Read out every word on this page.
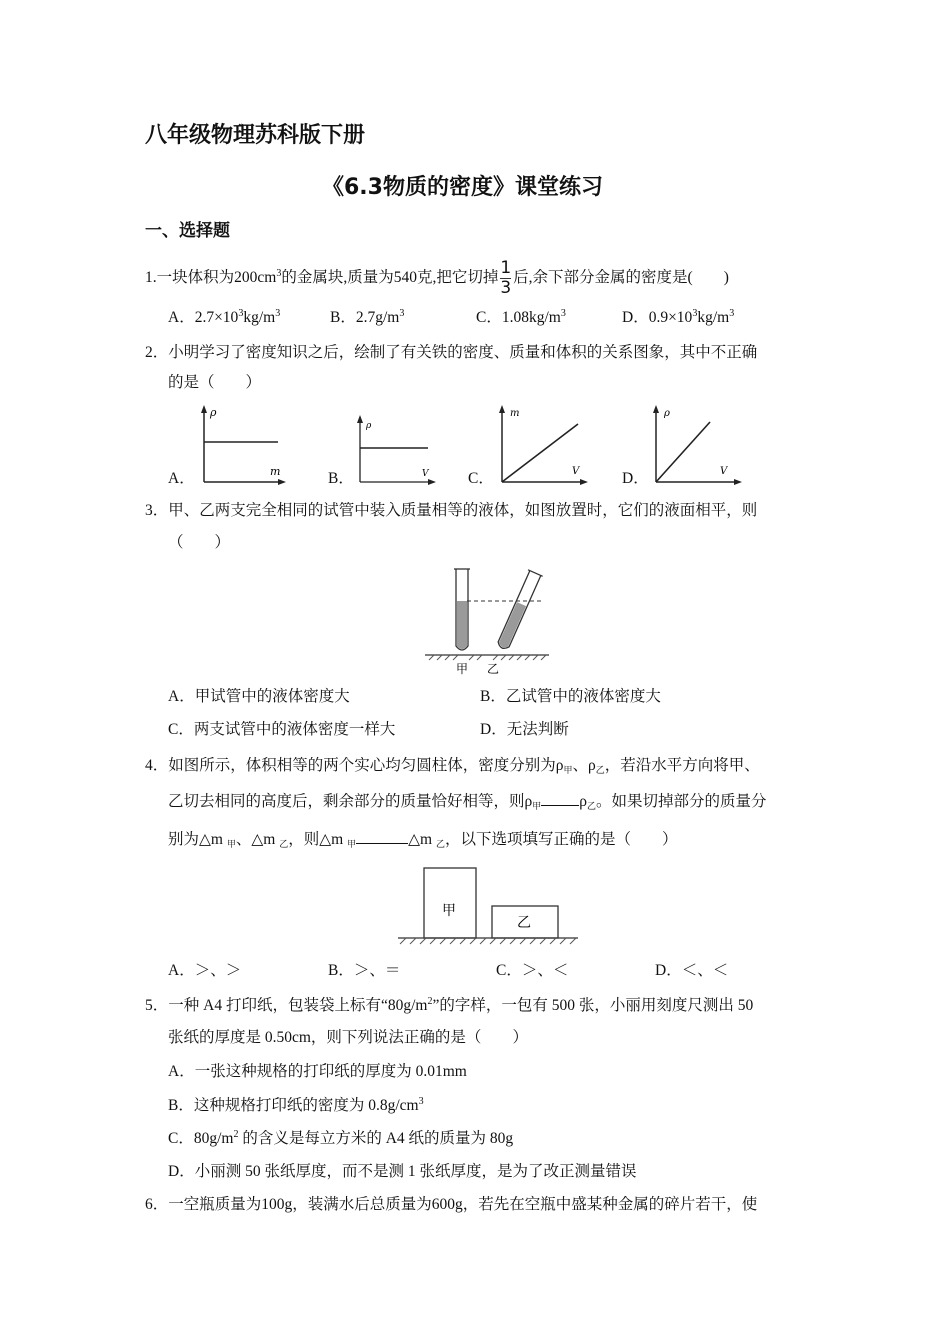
八年级物理苏科版下册
《6.3物质的密度》课堂练习
一、选择题
1.一块体积为$200cm^3$的金属块,质量为540克,把它切掉 $\frac{1}{3}$ 后,余下部分金属的密度是(　　)
A．$2.7\times 10^3kg/m^3$	B．$2.7g/m^3$	C．$1.08kg/m^3$	D．$0.9\times 10^3kg/m^3$
2．小明学习了密度知识之后，绘制了有关铁的密度、质量和体积的关系图象，其中不正确
的是（　　）
A．
ρ
m	B．
ρ
V	C．
m
V	D．
ρ
V
3．甲、乙两支完全相同的试管中装入质量相等的液体，如图放置时，它们的液面相平，则
（　　）
甲 乙
A．甲试管中的液体密度大	B．乙试管中的液体密度大
C．两支试管中的液体密度一样大	D．无法判断
4．如图所示，体积相等的两个实心均匀圆柱体，密度分别为$\rho_甲$、$\rho_乙$，若沿水平方向将甲、
乙切去相同的高度后，剩余部分的质量恰好相等，则$\rho_甲$ $\rho_乙$。如果切掉部分的质量分
别为△m $_甲$、△m $_乙$，则△m $_甲$	△m $_乙$，以下选项填写正确的是（　　）
甲
乙
A．＞、＞	B．＞、＝	C．＞、＜	D．＜、＜
5．一种 A4 打印纸，包装袋上标有“$80g/m^2$”的字样，一包有 500 张，小丽用刻度尺测出 50
张纸的厚度是 0.50cm，则下列说法正确的是（　　）
A．一张这种规格的打印纸的厚度为 0.01mm
B．这种规格打印纸的密度为 $0.8g/cm^3$
C．$80g/m^2$ 的含义是每立方米的 A4 纸的质量为 80g
D．小丽测 50 张纸厚度，而不是测 1 张纸厚度，是为了改正测量错误
6．一空瓶质量为100g，装满水后总质量为600g，若先在空瓶中盛某种金属的碎片若干，使
